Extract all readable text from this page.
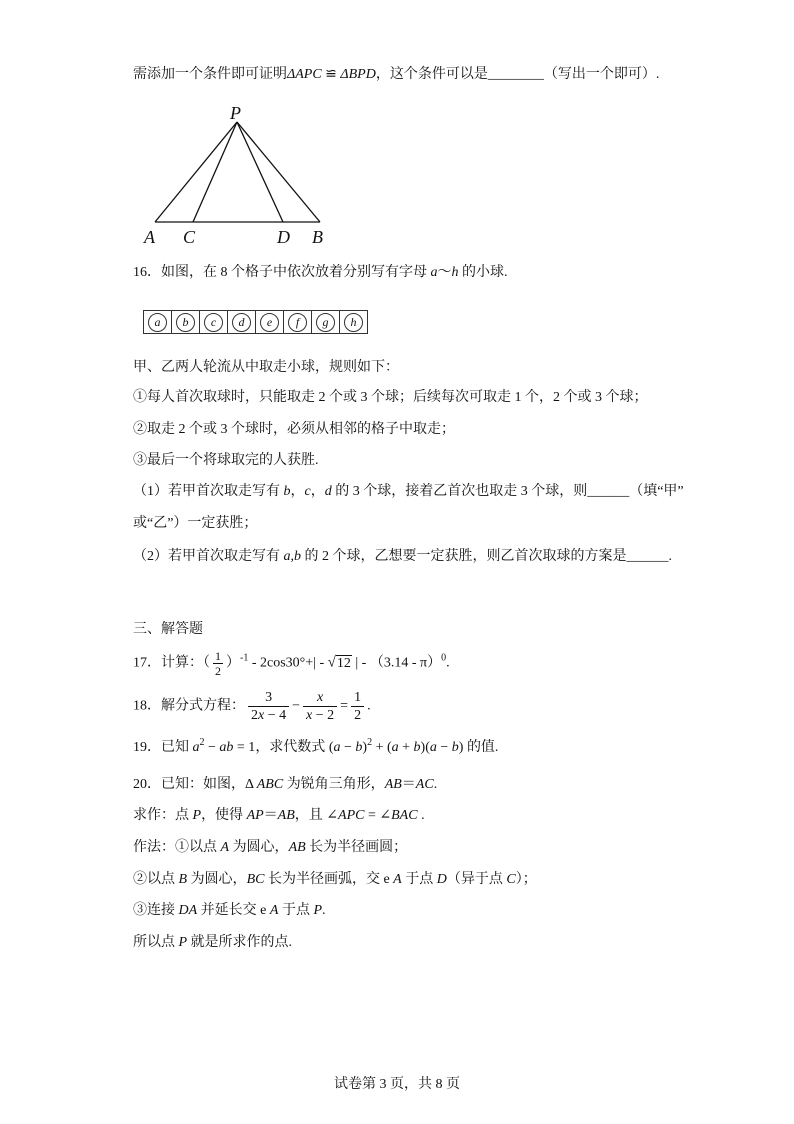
需添加一个条件即可证明ΔAPC ≌ ΔBPD，这个条件可以是________（写出一个即可）.
P
A C	D B
16．如图，在 8 个格子中依次放着分别写有字母 a～h 的小球.
a	b	c	d	e	f	g	h
甲、乙两人轮流从中取走小球，规则如下：
①每人首次取球时，只能取走 2 个或 3 个球；后续每次可取走 1 个，2 个或 3 个球；
②取走 2 个或 3 个球时，必须从相邻的格子中取走；
③最后一个将球取完的人获胜.
（1）若甲首次取走写有 b，c，d 的 3 个球，接着乙首次也取走 3 个球，则______（填“甲”
或“乙”）一定获胜；
（2）若甲首次取走写有 a,b 的 2 个球，乙想要一定获胜，则乙首次取球的方案是______.
三、解答题
17．计算：（ $\frac{1}{2} )^{-1} - 2\cos 30^\circ+| - √12$ | - （3.14 - π）$^0$.
18．解分式方程： $\frac{3}{2x - 4} - \frac{x}{x - 2} = \frac{1}{2}$ .
19．已知 $a^2$ − ab = 1，求代数式 $(a - b)^2 + (a + b)(a - b)$ 的值.
20．已知：如图，Δ ABC 为锐角三角形，AB＝AC.
求作：点 P，使得 AP＝AB，且 ∠APC = ∠BAC .
作法：①以点 A 为圆心，AB 长为半径画圆；
②以点 B 为圆心，BC 长为半径画弧，交 e A 于点 D（异于点 C）；
③连接 DA 并延长交 e A 于点 P.
所以点 P 就是所求作的点.
试卷第 3 页，共 8 页
